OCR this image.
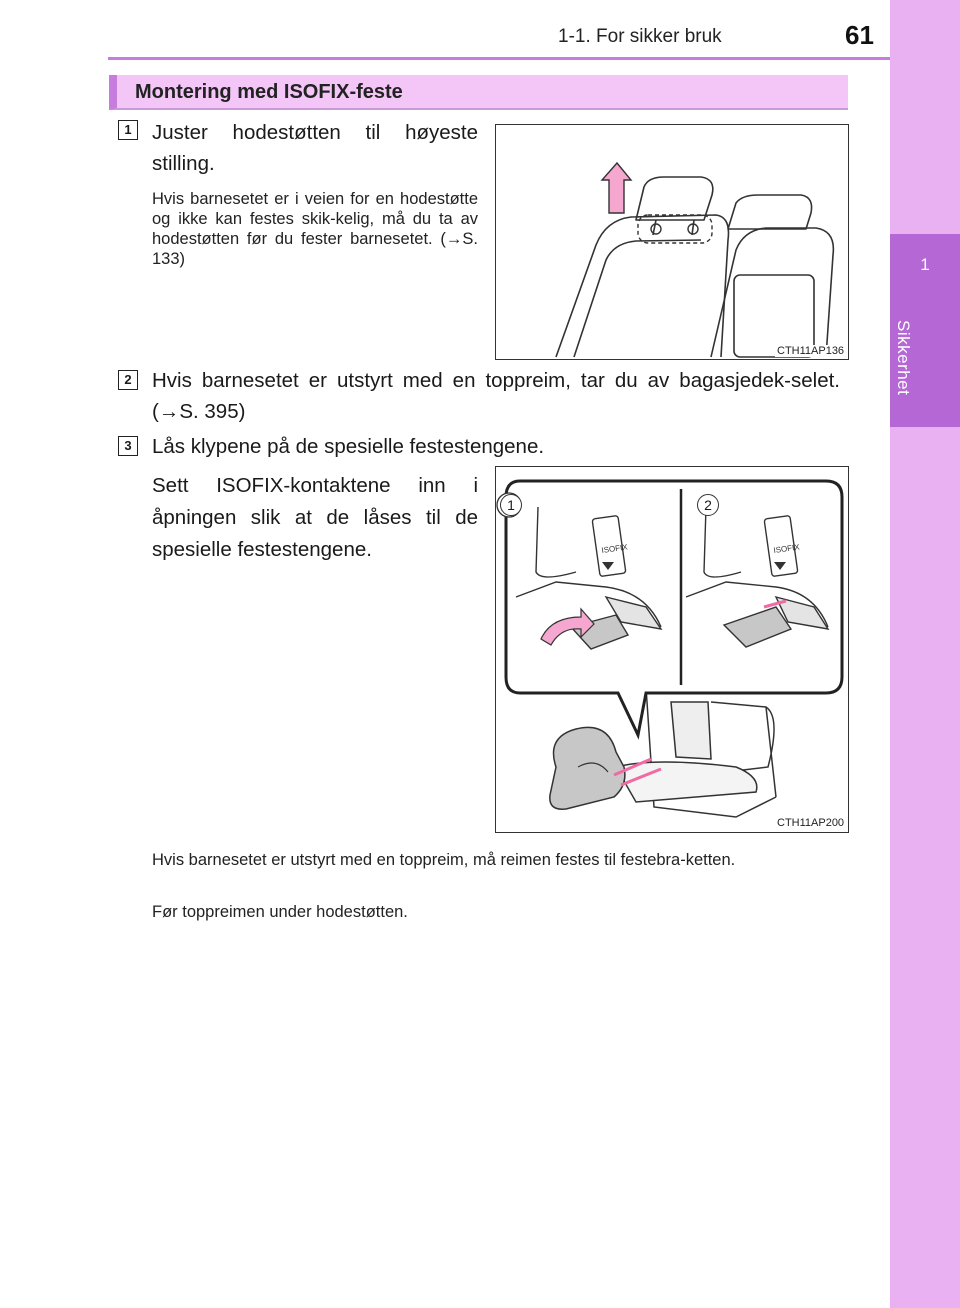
1-1. For sikker bruk	61
1
Sikkerhet
Montering med ISOFIX-feste
1 Juster hodestøtten til høyeste stilling.

Hvis barnesetet er i veien for en hodestøtte og ikke kan festes skik-kelig, må du ta av hodestøtten før du fester barnesetet. (→S. 133)

CTH11AP136
2 Hvis barnesetet er utstyrt med en toppreim, tar du av bagasjedek-selet. (→S. 395)

3 Lås klypene på de spesielle festestengene.

Sett ISOFIX-kontaktene inn i åpningen slik at de låses til de spesielle festestengene.	ISOFIX	ISOFIX
1	2
CTH11AP200

Hvis barnesetet er utstyrt med en toppreim, må reimen festes til festebra-ketten.

Før toppreimen under hodestøtten.
